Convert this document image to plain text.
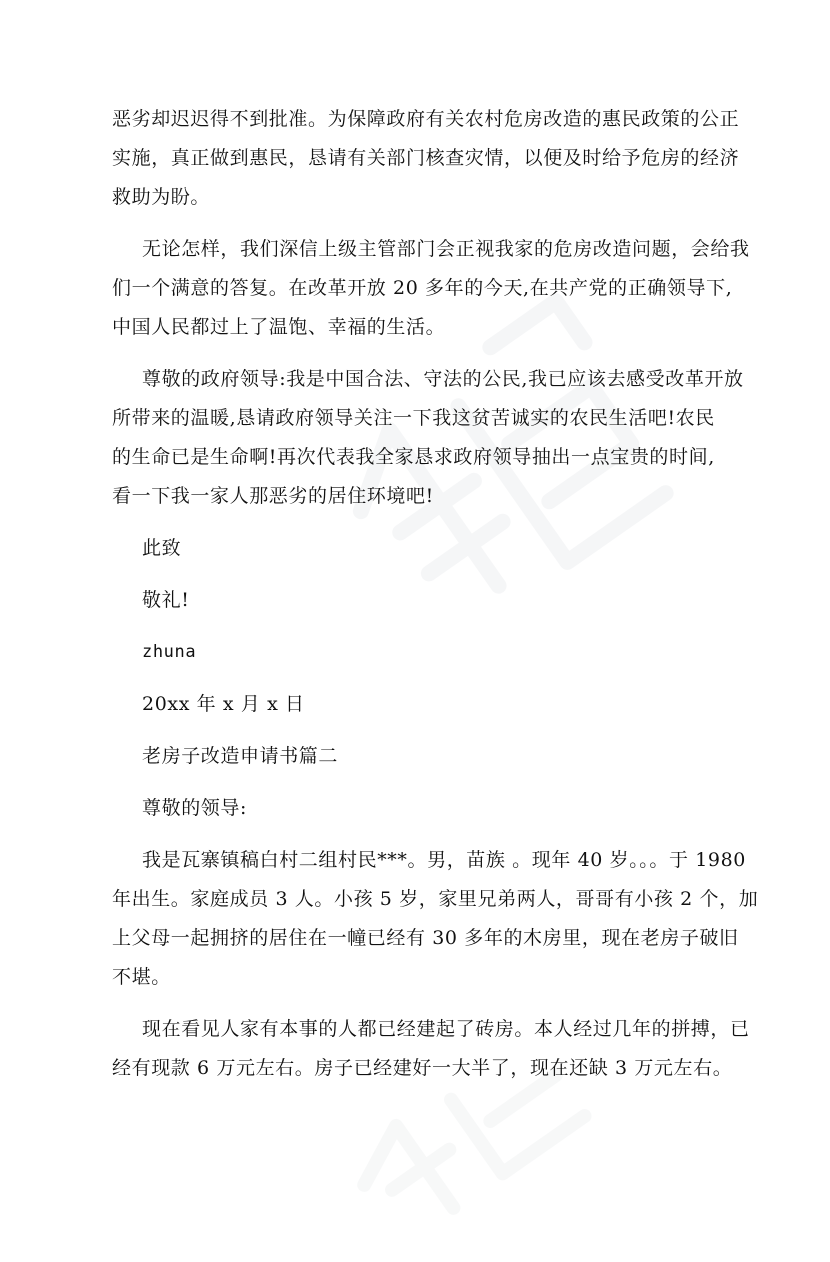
恶劣却迟迟得不到批准。为保障政府有关农村危房改造的惠民政策的公正
实施，真正做到惠民，恳请有关部门核查灾情，以便及时给予危房的经济
救助为盼。
无论怎样，我们深信上级主管部门会正视我家的危房改造问题，会给我
们一个满意的答复。在改革开放 20 多年的今天,在共产党的正确领导下,
中国人民都过上了温饱、幸福的生活。
尊敬的政府领导:我是中国合法、守法的公民,我已应该去感受改革开放
所带来的温暖,恳请政府领导关注一下我这贫苦诚实的农民生活吧!农民
的生命已是生命啊!再次代表我全家恳求政府领导抽出一点宝贵的时间,
看一下我一家人那恶劣的居住环境吧!
此致
敬礼!
zhuna
20xx 年 x 月 x 日
老房子改造申请书篇二
尊敬的领导:
我是瓦寨镇稿白村二组村民***。男，苗族 。现年 40 岁。。。于 1980
年出生。家庭成员 3 人。小孩 5 岁，家里兄弟两人，哥哥有小孩 2 个，加
上父母一起拥挤的居住在一幢已经有 30 多年的木房里，现在老房子破旧
不堪。
现在看见人家有本事的人都已经建起了砖房。本人经过几年的拼搏，已
经有现款 6 万元左右。房子已经建好一大半了，现在还缺 3 万元左右。
